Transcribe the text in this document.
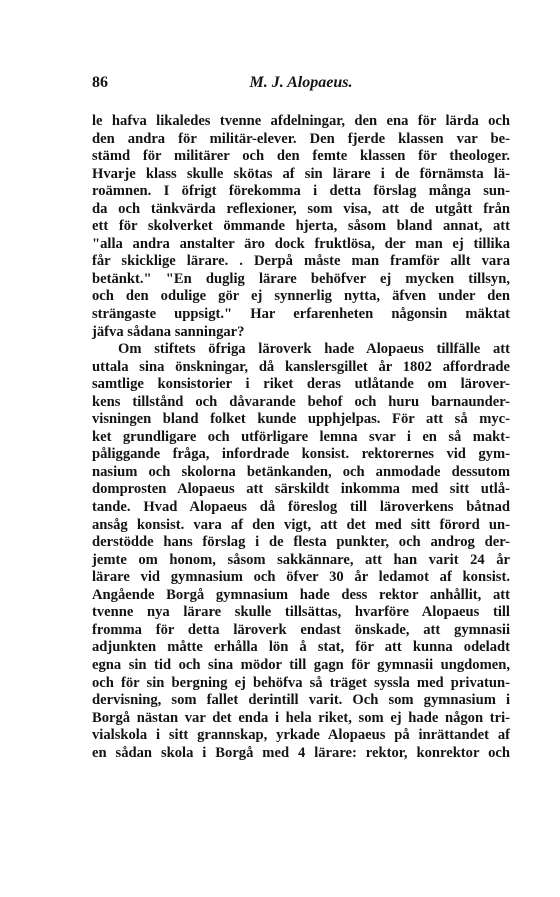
86	M. J. Alopaeus.
le hafva likaledes tvenne afdelningar, den ena för lärda och
den andra för militär-elever. Den fjerde klassen var be-
stämd för militärer och den femte klassen för theologer.
Hvarje klass skulle skötas af sin lärare i de förnämsta lä-
roämnen. I öfrigt förekomma i detta förslag många sun-
da och tänkvärda reflexioner, som visa, att de utgått från
ett för skolverket ömmande hjerta, såsom bland annat, att
"alla andra anstalter äro dock fruktlösa, der man ej tillika
får skicklige lärare. . Derpå måste man framför allt vara
betänkt." "En duglig lärare behöfver ej mycken tillsyn,
och den odulige gör ej synnerlig nytta, äfven under den
strängaste uppsigt." Har erfarenheten någonsin mäktat
jäfva sådana sanningar?
Om stiftets öfriga läroverk hade Alopaeus tillfälle att
uttala sina önskningar, då kanslersgillet år 1802 affordrade
samtlige konsistorier i riket deras utlåtande om lärover-
kens tillstånd och dåvarande behof och huru barnaunder-
visningen bland folket kunde upphjelpas. För att så myc-
ket grundligare och utförligare lemna svar i en så makt-
påliggande fråga, infordrade konsist. rektorernes vid gym-
nasium och skolorna betänkanden, och anmodade dessutom
domprosten Alopaeus att särskildt inkomma med sitt utlå-
tande. Hvad Alopaeus då föreslog till läroverkens båtnad
ansåg konsist. vara af den vigt, att det med sitt förord un-
derstödde hans förslag i de flesta punkter, och androg der-
jemte om honom, såsom sakkännare, att han varit 24 år
lärare vid gymnasium och öfver 30 år ledamot af konsist.
Angående Borgå gymnasium hade dess rektor anhållit, att
tvenne nya lärare skulle tillsättas, hvarföre Alopaeus till
fromma för detta läroverk endast önskade, att gymnasii
adjunkten måtte erhålla lön å stat, för att kunna odeladt
egna sin tid och sina mödor till gagn för gymnasii ungdomen,
och för sin bergning ej behöfva så träget syssla med privatun-
dervisning, som fallet derintill varit. Och som gymnasium i
Borgå nästan var det enda i hela riket, som ej hade någon tri-
vialskola i sitt grannskap, yrkade Alopaeus på inrättandet af
en sådan skola i Borgå med 4 lärare: rektor, konrektor och
